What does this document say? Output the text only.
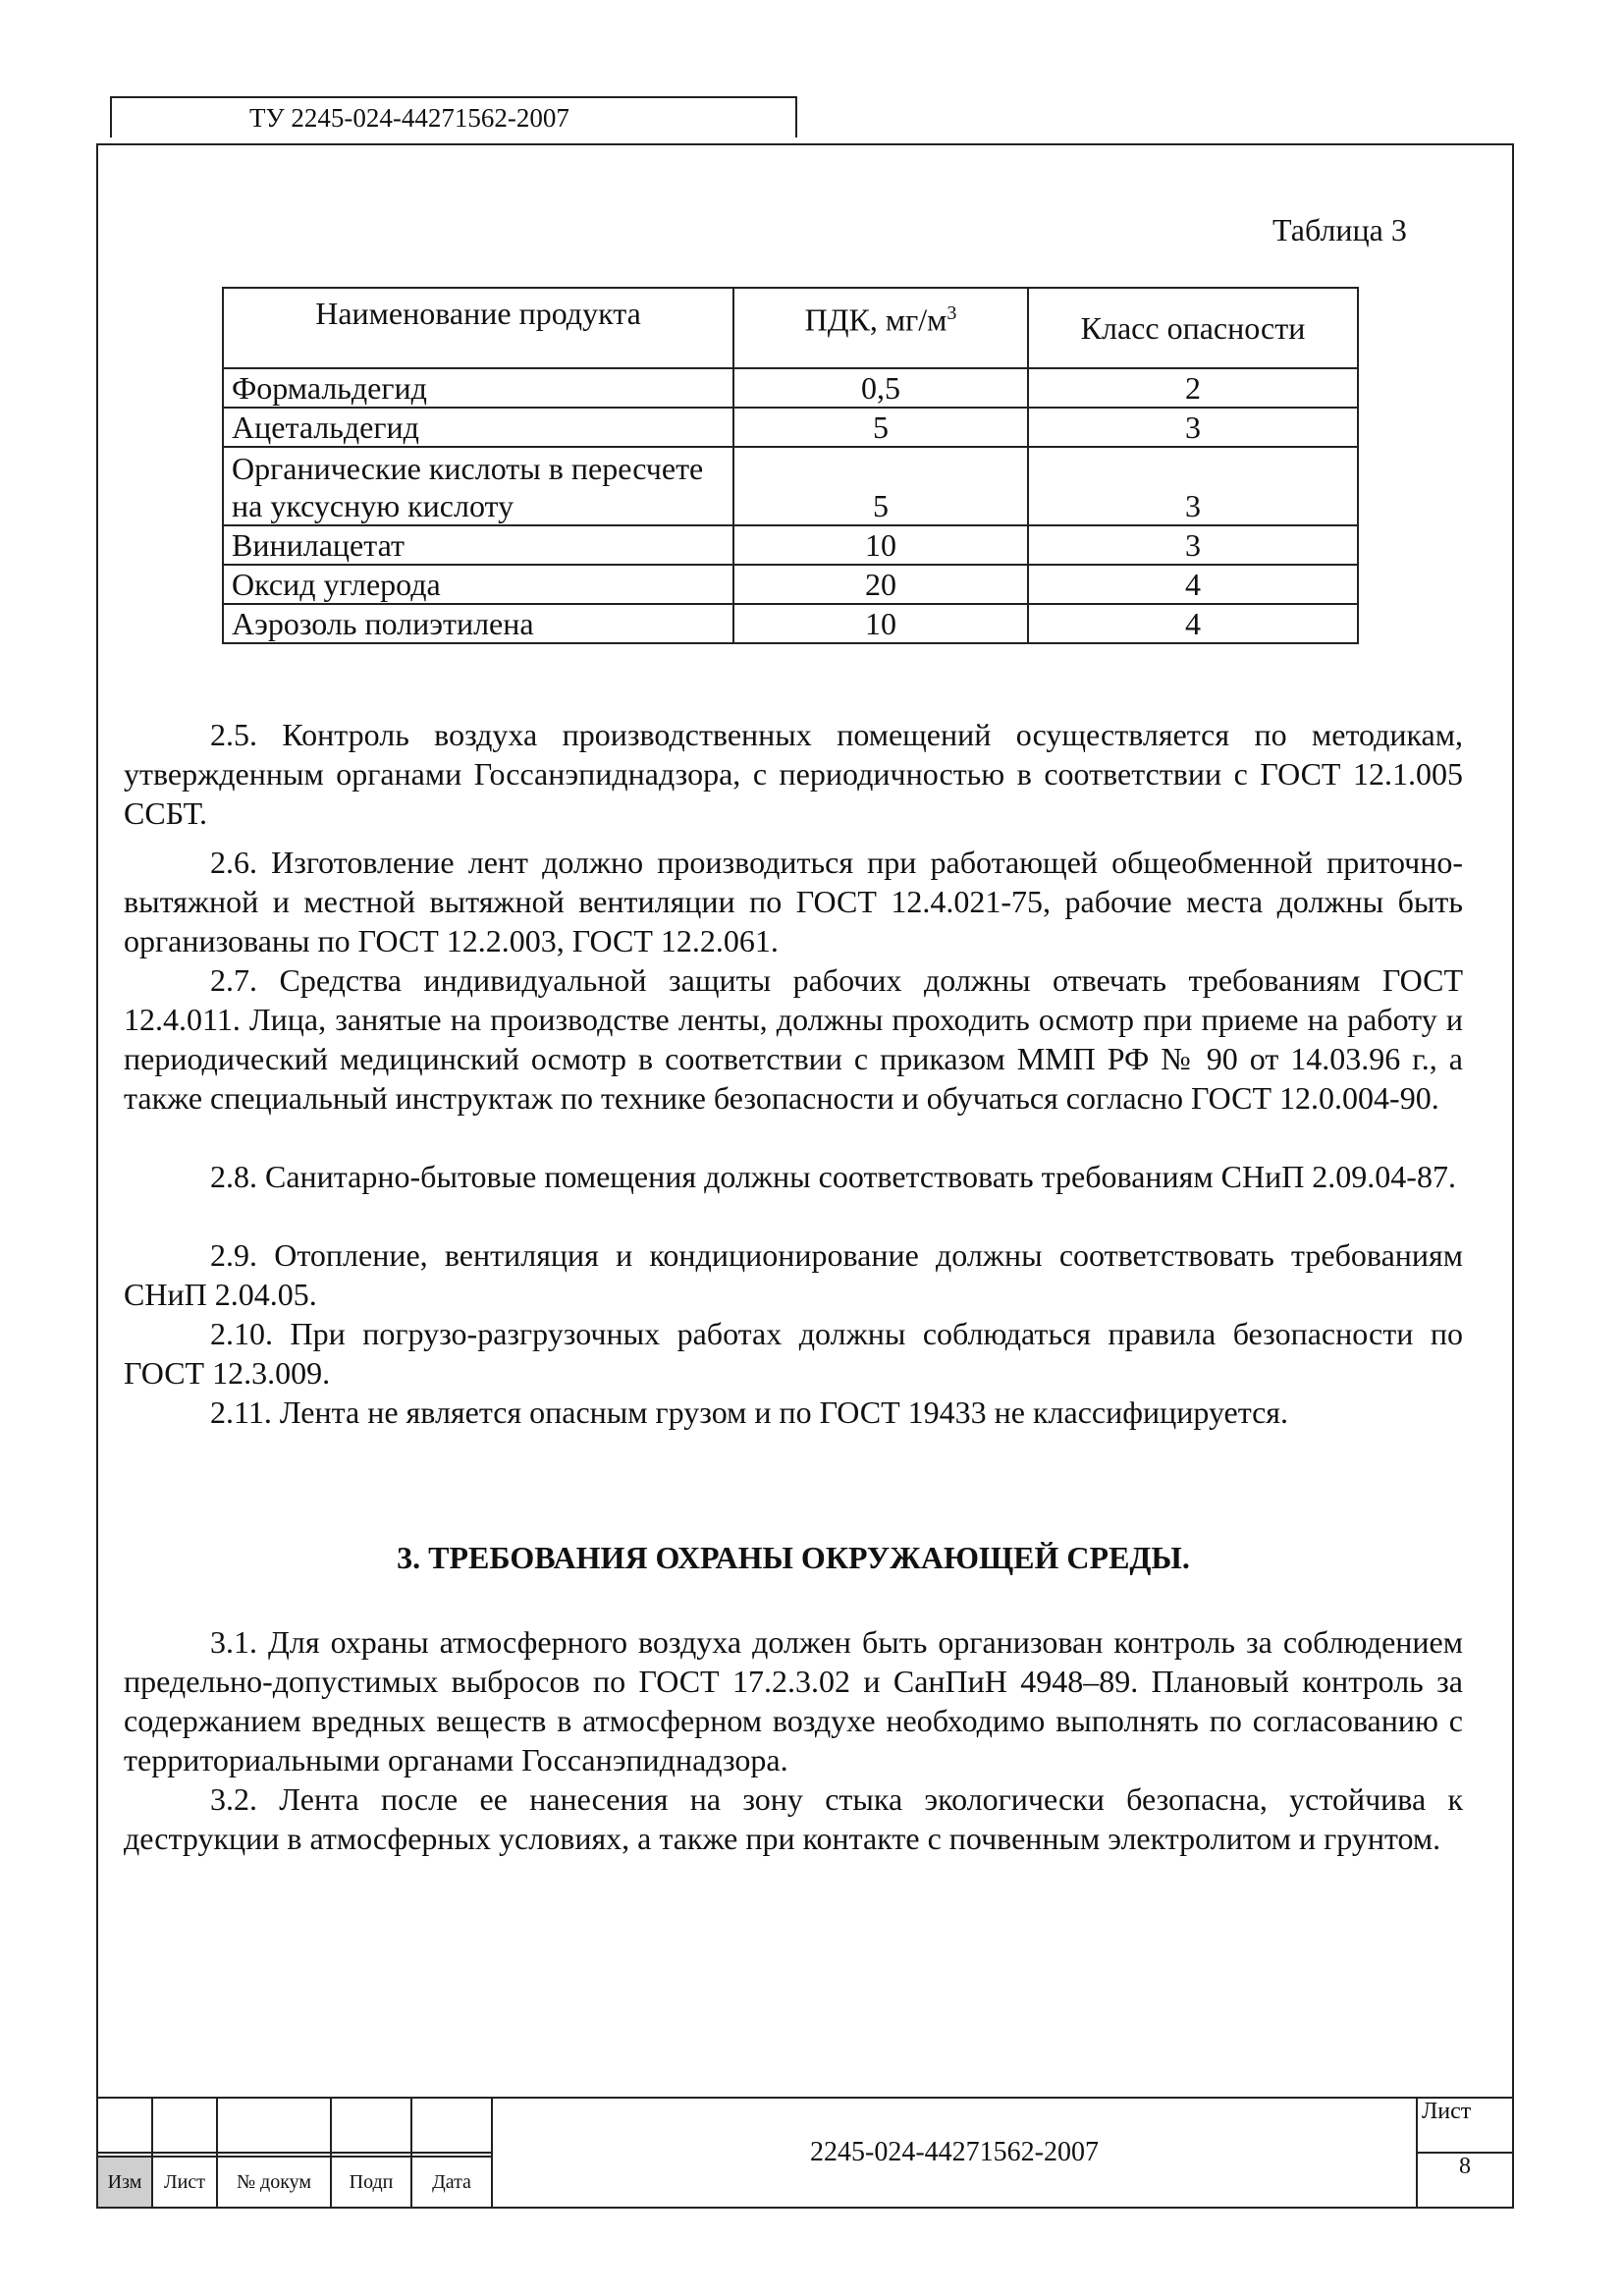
ТУ 2245-024-44271562-2007
Таблица 3
Наименование продукта	ПДК, $мг/м^3$	Класс опасности
Формальдегид	0,5	2
Ацетальдегид	5	3
Органические кислоты в пересчете на уксусную кислоту	5	3
Винилацетат	10	3
Оксид углерода	20	4
Аэрозоль полиэтилена	10	4

2.5. Контроль воздуха производственных помещений осуществляется по методикам, утвержденным органами Госсанэпиднадзора, с периодичностью в соответствии с ГОСТ 12.1.005 ССБТ.

2.6. Изготовление лент должно производиться при работающей общеобменной приточно-вытяжной и местной вытяжной вентиляции по ГОСТ 12.4.021-75, рабочие места должны быть организованы по ГОСТ 12.2.003, ГОСТ 12.2.061.

2.7. Средства индивидуальной защиты рабочих должны отвечать требованиям ГОСТ 12.4.011. Лица, занятые на производстве ленты, должны проходить осмотр при приеме на работу и периодический медицинский осмотр в соответствии с приказом ММП РФ № 90 от 14.03.96 г., а также специальный инструктаж по технике безопасности и обучаться согласно ГОСТ 12.0.004-90.

2.8. Санитарно-бытовые помещения должны соответствовать требованиям СНиП 2.09.04-87.

2.9. Отопление, вентиляция и кондиционирование должны соответствовать требованиям СНиП 2.04.05.

2.10. При погрузо-разгрузочных работах должны соблюдаться правила безопасности по ГОСТ 12.3.009.

2.11. Лента не является опасным грузом и по ГОСТ 19433 не классифицируется.

3. ТРЕБОВАНИЯ ОХРАНЫ ОКРУЖАЮЩЕЙ СРЕДЫ.

3.1. Для охраны атмосферного воздуха должен быть организован контроль за соблюдением предельно-допустимых выбросов по ГОСТ 17.2.3.02 и СанПиН 4948–89. Плановый контроль за содержанием вредных веществ в атмосферном воздухе необходимо выполнять по согласованию с территориальными органами Госсанэпиднадзора.

3.2. Лента после ее нанесения на зону стыка экологически безопасна, устойчива к деструкции в атмосферных условиях, а также при контакте с почвенным электролитом и грунтом.

					2245-024-44271562-2007	Лист
						8
Изм	Лист	№ докум	Подп	Дата		
